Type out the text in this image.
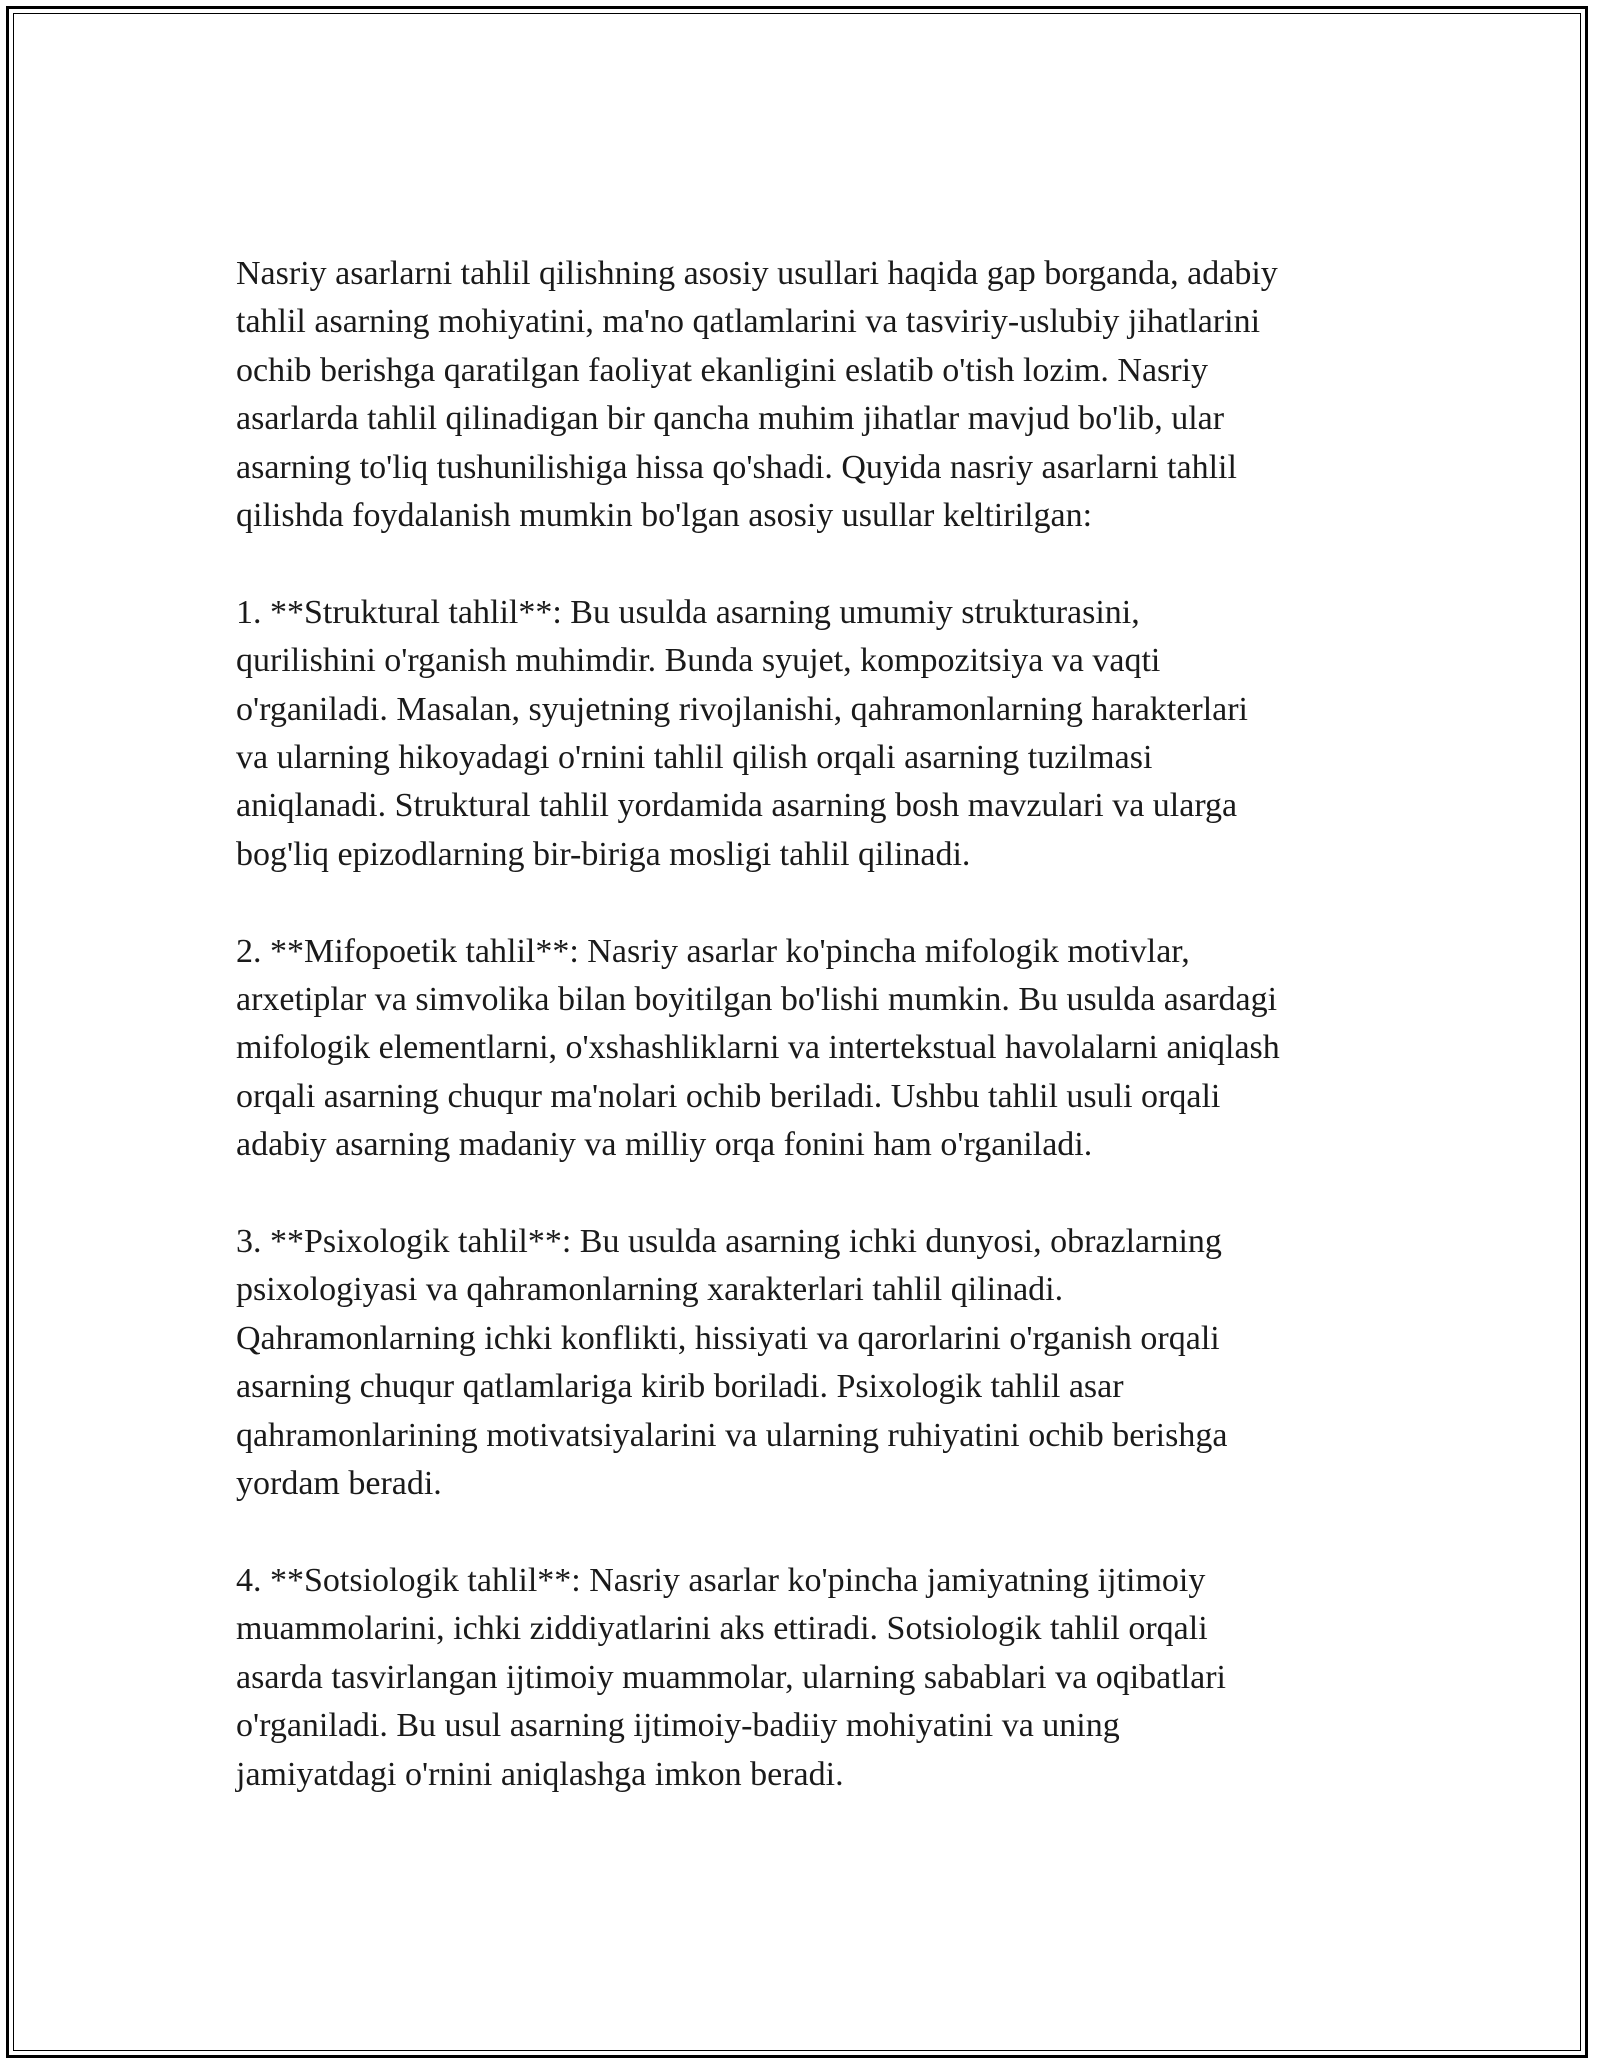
Nasriy asarlarni tahlil qilishning asosiy usullari haqida gap borganda, adabiy
tahlil asarning mohiyatini, ma'no qatlamlarini va tasviriy-uslubiy jihatlarini
ochib berishga qaratilgan faoliyat ekanligini eslatib o'tish lozim. Nasriy
asarlarda tahlil qilinadigan bir qancha muhim jihatlar mavjud bo'lib, ular
asarning to'liq tushunilishiga hissa qo'shadi. Quyida nasriy asarlarni tahlil
qilishda foydalanish mumkin bo'lgan asosiy usullar keltirilgan:

1. **Struktural tahlil**: Bu usulda asarning umumiy strukturasini,
qurilishini o'rganish muhimdir. Bunda syujet, kompozitsiya va vaqti
o'rganiladi. Masalan, syujetning rivojlanishi, qahramonlarning harakterlari
va ularning hikoyadagi o'rnini tahlil qilish orqali asarning tuzilmasi
aniqlanadi. Struktural tahlil yordamida asarning bosh mavzulari va ularga
bog'liq epizodlarning bir-biriga mosligi tahlil qilinadi.

2. **Mifopoetik tahlil**: Nasriy asarlar ko'pincha mifologik motivlar,
arxetiplar va simvolika bilan boyitilgan bo'lishi mumkin. Bu usulda asardagi
mifologik elementlarni, o'xshashliklarni va intertekstual havolalarni aniqlash
orqali asarning chuqur ma'nolari ochib beriladi. Ushbu tahlil usuli orqali
adabiy asarning madaniy va milliy orqa fonini ham o'rganiladi.

3. **Psixologik tahlil**: Bu usulda asarning ichki dunyosi, obrazlarning
psixologiyasi va qahramonlarning xarakterlari tahlil qilinadi.
Qahramonlarning ichki konflikti, hissiyati va qarorlarini o'rganish orqali
asarning chuqur qatlamlariga kirib boriladi. Psixologik tahlil asar
qahramonlarining motivatsiyalarini va ularning ruhiyatini ochib berishga
yordam beradi.

4. **Sotsiologik tahlil**: Nasriy asarlar ko'pincha jamiyatning ijtimoiy
muammolarini, ichki ziddiyatlarini aks ettiradi. Sotsiologik tahlil orqali
asarda tasvirlangan ijtimoiy muammolar, ularning sabablari va oqibatlari
o'rganiladi. Bu usul asarning ijtimoiy-badiiy mohiyatini va uning
jamiyatdagi o'rnini aniqlashga imkon beradi.
